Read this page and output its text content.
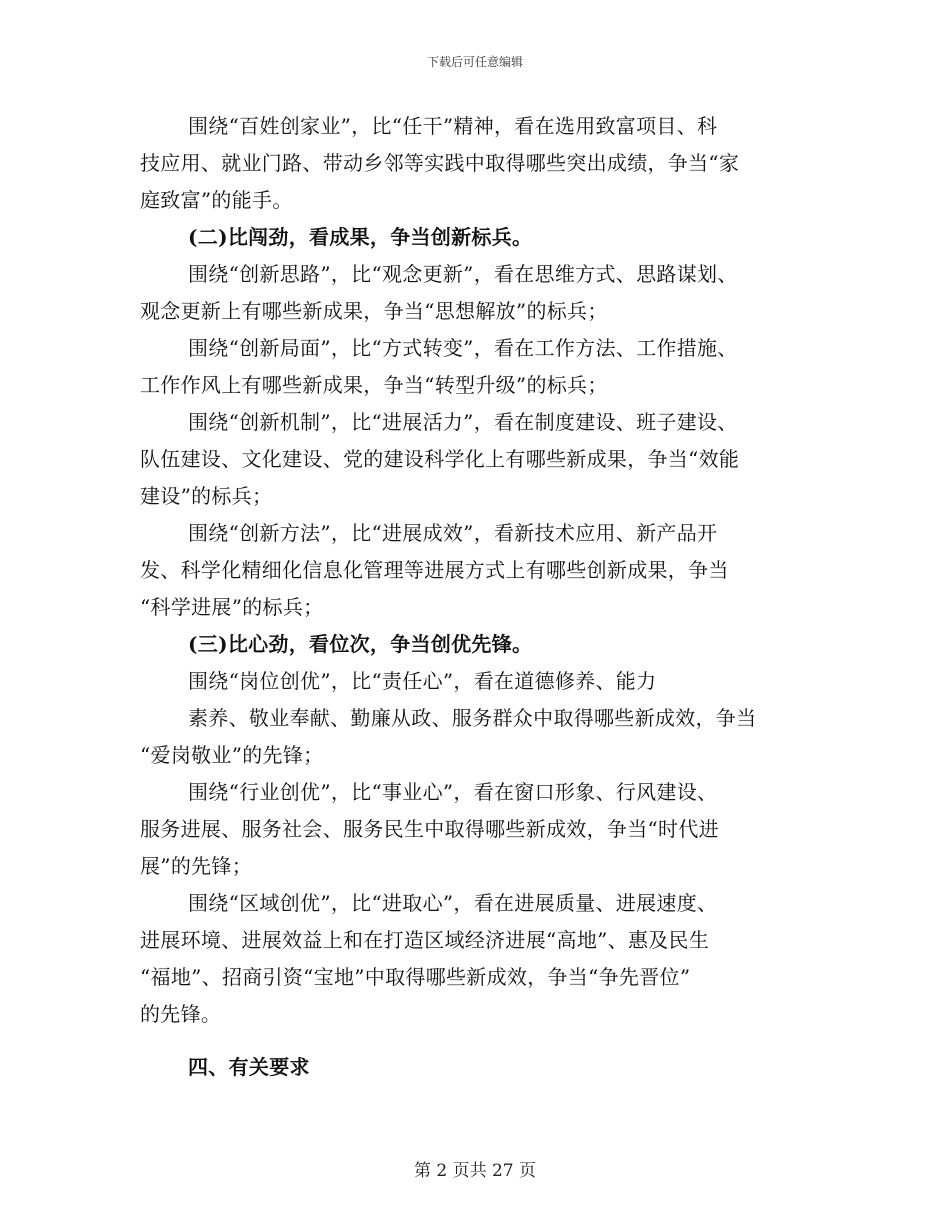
下载后可任意编辑
围绕“百姓创家业”，比“任干”精神，看在选用致富项目、科
技应用、就业门路、带动乡邻等实践中取得哪些突出成绩，争当“家
庭致富”的能手。
(二)比闯劲，看成果，争当创新标兵。
围绕“创新思路”，比“观念更新”，看在思维方式、思路谋划、
观念更新上有哪些新成果，争当“思想解放”的标兵；
围绕“创新局面”，比“方式转变”，看在工作方法、工作措施、
工作作风上有哪些新成果，争当“转型升级”的标兵；
围绕“创新机制”，比“进展活力”，看在制度建设、班子建设、
队伍建设、文化建设、党的建设科学化上有哪些新成果，争当“效能
建设”的标兵；
围绕“创新方法”，比“进展成效”，看新技术应用、新产品开
发、科学化精细化信息化管理等进展方式上有哪些创新成果，争当
“科学进展”的标兵；
(三)比心劲，看位次，争当创优先锋。
围绕“岗位创优”，比“责任心”，看在道德修养、能力
素养、敬业奉献、勤廉从政、服务群众中取得哪些新成效，争当
“爱岗敬业”的先锋；
围绕“行业创优”，比“事业心”，看在窗口形象、行风建设、
服务进展、服务社会、服务民生中取得哪些新成效，争当“时代进
展”的先锋；
围绕“区域创优”，比“进取心”，看在进展质量、进展速度、
进展环境、进展效益上和在打造区域经济进展“高地”、惠及民生
“福地”、招商引资“宝地”中取得哪些新成效，争当“争先晋位”
的先锋。
四、有关要求
第 2 页共 27 页
